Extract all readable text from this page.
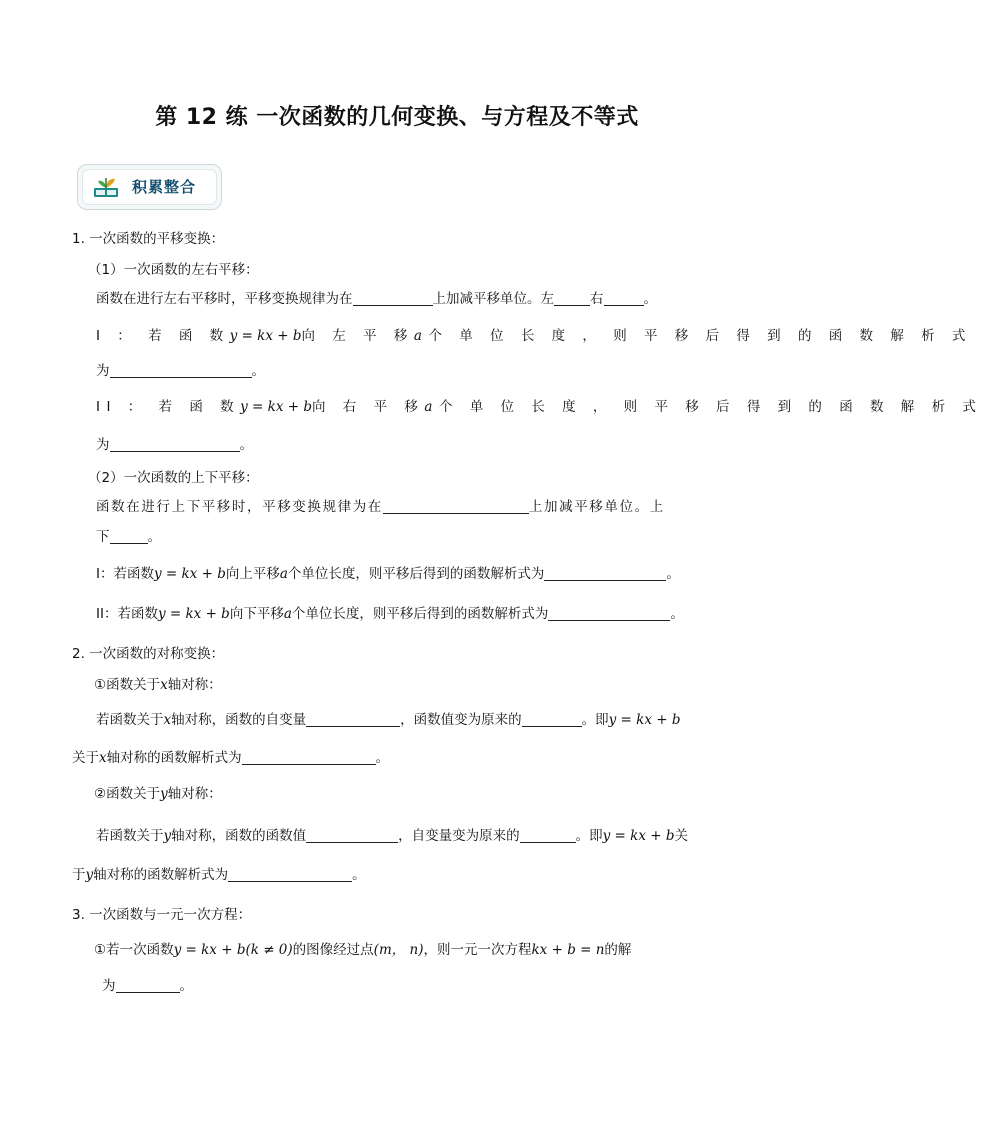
第 12 练 一次函数的几何变换、与方程及不等式
积累整合
1. 一次函数的平移变换：
（1）一次函数的左右平移：
函数在进行左右平移时，平移变换规律为在	上加减平移单位。左	右	。
I ： 若 函 数y = kx + b向 左 平 移a个 单 位 长 度 ， 则 平 移 后 得 到 的 函 数 解 析 式
为	。
II ： 若 函 数y = kx + b向 右 平 移a个 单 位 长 度 ， 则 平 移 后 得 到 的 函 数 解 析 式
为	。
（2）一次函数的上下平移：
函数在进行上下平移时，平移变换规律为在	上加减平移单位。上
下	。
I：若函数y = kx + b向上平移a个单位长度，则平移后得到的函数解析式为	。
II：若函数y = kx + b向下平移a个单位长度，则平移后得到的函数解析式为	。
2. 一次函数的对称变换：
①函数关于x轴对称：
若函数关于x轴对称，函数的自变量	，函数值变为原来的	。即y = kx + b
关于x轴对称的函数解析式为	。
②函数关于y轴对称：
若函数关于y轴对称，函数的函数值	，自变量变为原来的	。即y = kx + b关
于y轴对称的函数解析式为	。
3. 一次函数与一元一次方程：
①若一次函数y = kx + b(k ≠ 0)的图像经过点(m， n)，则一元一次方程kx + b = n的解
为	。
